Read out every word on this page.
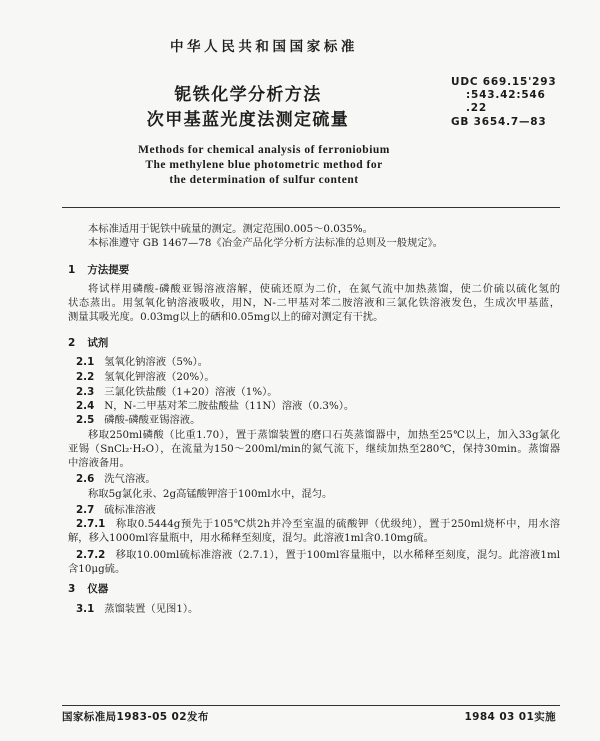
中华人民共和国国家标准
铌铁化学分析方法
次甲基蓝光度法测定硫量
UDC 669.15'293
:543.42:546
.22
GB 3654.7—83
Methods for chemical analysis of ferroniobium
The methylene blue photometric method for
the determination of sulfur content
本标准适用于铌铁中硫量的测定。测定范围0.005～0.035%。
本标准遵守 GB 1467—78《冶金产品化学分析方法标准的总则及一般规定》。
1 方法提要
将试样用磷酸-磷酸亚锡溶液溶解，使硫还原为二价，在氮气流中加热蒸馏，使二价硫以硫化氢的
状态蒸出。用氢氧化钠溶液吸收，用N，N-二甲基对苯二胺溶液和三氯化铁溶液发色，生成次甲基蓝，
测量其吸光度。0.03mg以上的硒和0.05mg以上的碲对测定有干扰。
2 试剂
2.1 氢氧化钠溶液（5%）。
2.2 氢氧化钾溶液（20%）。
2.3 三氯化铁盐酸（1+20）溶液（1%）。
2.4 N，N-二甲基对苯二胺盐酸盐（11N）溶液（0.3%）。
2.5 磷酸-磷酸亚锡溶液。
移取250ml磷酸（比重1.70），置于蒸馏装置的磨口石英蒸馏器中，加热至25℃以上，加入33g氯化
亚锡（SnCl₂·H₂O），在流量为150～200ml/min的氮气流下，继续加热至280℃，保持30min。蒸馏器
中溶液备用。
2.6 洗气溶液。
称取5g氯化汞、2g高锰酸钾溶于100ml水中，混匀。
2.7 硫标准溶液
2.7.1 称取0.5444g预先于105℃烘2h并冷至室温的硫酸钾（优级纯），置于250ml烧杯中，用水溶
解，移入1000ml容量瓶中，用水稀释至刻度，混匀。此溶液1ml含0.10mg硫。
2.7.2 移取10.00ml硫标准溶液（2.7.1），置于100ml容量瓶中，以水稀释至刻度，混匀。此溶液1ml
含10μg硫。
3 仪器
3.1 蒸馏装置（见图1）。
国家标准局1983-05 02发布	1984 03 01实施
